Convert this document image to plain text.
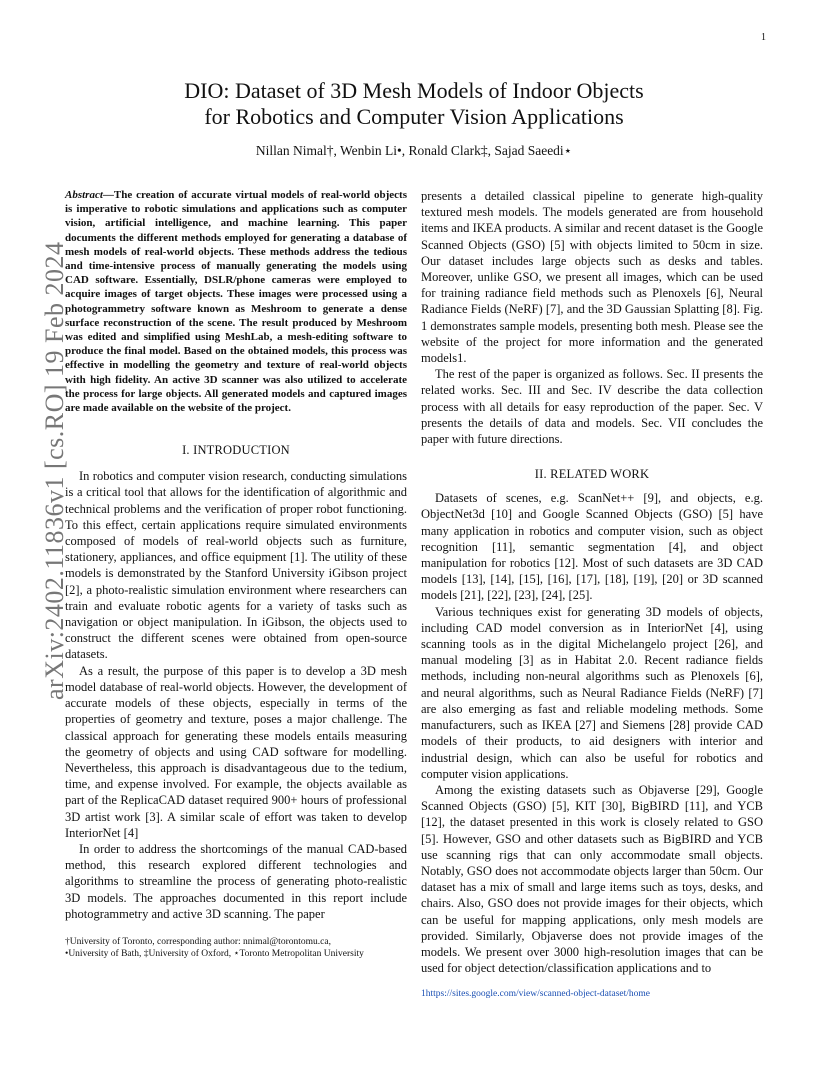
1
arXiv:2402.11836v1 [cs.RO] 19 Feb 2024
DIO: Dataset of 3D Mesh Models of Indoor Objects
for Robotics and Computer Vision Applications
Nillan Nimal†, Wenbin Li•, Ronald Clark‡, Sajad Saeedi⋆

Abstract—The creation of accurate virtual models of real-world objects is imperative to robotic simulations and applications such as computer vision, artificial intelligence, and machine learning. This paper documents the different methods employed for generating a database of mesh models of real-world objects. These methods address the tedious and time-intensive process of manually generating the models using CAD software. Essentially, DSLR/phone cameras were employed to acquire images of target objects. These images were processed using a photogrammetry software known as Meshroom to generate a dense surface reconstruction of the scene. The result produced by Meshroom was edited and simplified using MeshLab, a mesh-editing software to produce the final model. Based on the obtained models, this process was effective in modelling the geometry and texture of real-world objects with high fidelity. An active 3D scanner was also utilized to accelerate the process for large objects. All generated models and captured images are made available on the website of the project.

I. INTRODUCTION

In robotics and computer vision research, conducting simulations is a critical tool that allows for the identification of algorithmic and technical problems and the verification of proper robot functioning. To this effect, certain applications require simulated environments composed of models of real-world objects such as furniture, stationery, appliances, and office equipment [1]. The utility of these models is demonstrated by the Stanford University iGibson project [2], a photo-realistic simulation environment where researchers can train and evaluate robotic agents for a variety of tasks such as navigation or object manipulation. In iGibson, the objects used to construct the different scenes were obtained from open-source datasets.

As a result, the purpose of this paper is to develop a 3D mesh model database of real-world objects. However, the development of accurate models of these objects, especially in terms of the properties of geometry and texture, poses a major challenge. The classical approach for generating these models entails measuring the geometry of objects and using CAD software for modelling. Nevertheless, this approach is disadvantageous due to the tedium, time, and expense involved. For example, the objects available as part of the ReplicaCAD dataset required 900+ hours of professional 3D artist work [3]. A similar scale of effort was taken to develop InteriorNet [4]

In order to address the shortcomings of the manual CAD-based method, this research explored different technologies and algorithms to streamline the process of generating photo-realistic 3D models. The approaches documented in this report include photogrammetry and active 3D scanning. The paper

†University of Toronto, corresponding author: nnimal@torontomu.ca,

•University of Bath, ‡University of Oxford, ⋆Toronto Metropolitan University

presents a detailed classical pipeline to generate high-quality textured mesh models. The models generated are from household items and IKEA products. A similar and recent dataset is the Google Scanned Objects (GSO) [5] with objects limited to 50cm in size. Our dataset includes large objects such as desks and tables. Moreover, unlike GSO, we present all images, which can be used for training radiance field methods such as Plenoxels [6], Neural Radiance Fields (NeRF) [7], and the 3D Gaussian Splatting [8]. Fig. 1 demonstrates sample models, presenting both mesh. Please see the website of the project for more information and the generated models1.

The rest of the paper is organized as follows. Sec. II presents the related works. Sec. III and Sec. IV describe the data collection process with all details for easy reproduction of the paper. Sec. V presents the details of data and models. Sec. VII concludes the paper with future directions.

II. RELATED WORK

Datasets of scenes, e.g. ScanNet++ [9], and objects, e.g. ObjectNet3d [10] and Google Scanned Objects (GSO) [5] have many application in robotics and computer vision, such as object recognition [11], semantic segmentation [4], and object manipulation for robotics [12]. Most of such datasets are 3D CAD models [13], [14], [15], [16], [17], [18], [19], [20] or 3D scanned models [21], [22], [23], [24], [25].

Various techniques exist for generating 3D models of objects, including CAD model conversion as in InteriorNet [4], using scanning tools as in the digital Michelangelo project [26], and manual modeling [3] as in Habitat 2.0. Recent radiance fields methods, including non-neural algorithms such as Plenoxels [6], and neural algorithms, such as Neural Radiance Fields (NeRF) [7] are also emerging as fast and reliable modeling methods. Some manufacturers, such as IKEA [27] and Siemens [28] provide CAD models of their products, to aid designers with interior and industrial design, which can also be useful for robotics and computer vision applications.

Among the existing datasets such as Objaverse [29], Google Scanned Objects (GSO) [5], KIT [30], BigBIRD [11], and YCB [12], the dataset presented in this work is closely related to GSO [5]. However, GSO and other datasets such as BigBIRD and YCB use scanning rigs that can only accommodate small objects. Notably, GSO does not accommodate objects larger than 50cm. Our dataset has a mix of small and large items such as toys, desks, and chairs. Also, GSO does not provide images for their objects, which can be useful for mapping applications, only mesh models are provided. Similarly, Objaverse does not provide images of the models. We present over 3000 high-resolution images that can be used for object detection/classification applications and to

1https://sites.google.com/view/scanned-object-dataset/home
